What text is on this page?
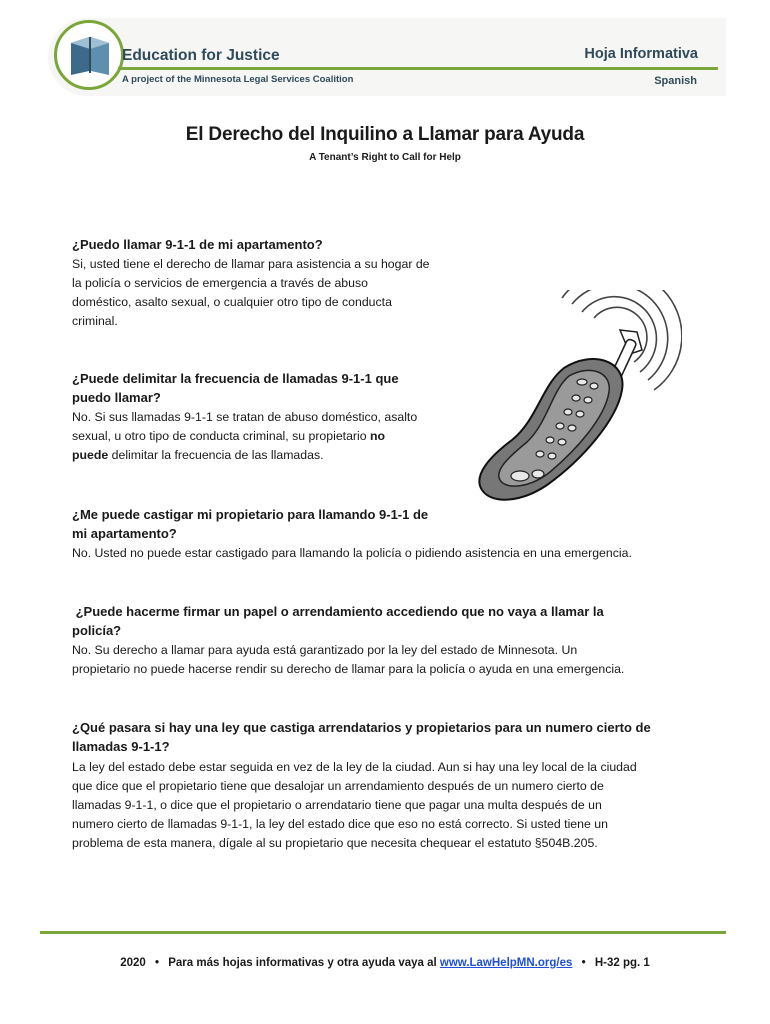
Education for Justice
A project of the Minnesota Legal Services Coalition
Hoja Informativa
Spanish
El Derecho del Inquilino a Llamar para Ayuda
A Tenant’s Right to Call for Help
¿Puedo llamar 9-1-1 de mi apartamento?
Si, usted tiene el derecho de llamar para asistencia a su hogar de
la policía o servicios de emergencia a través de abuso
doméstico, asalto sexual, o cualquier otro tipo de conducta
criminal.
¿Puede delimitar la frecuencia de llamadas 9-1-1 que
puedo llamar?
No. Si sus llamadas 9-1-1 se tratan de abuso doméstico, asalto
sexual, u otro tipo de conducta criminal, su propietario no
puede delimitar la frecuencia de las llamadas.
¿Me puede castigar mi propietario para llamando 9-1-1 de
mi apartamento?
No. Usted no puede estar castigado para llamando la policía o pidiendo asistencia en una emergencia.
¿Puede hacerme firmar un papel o arrendamiento accediendo que no vaya a llamar la
policía?
No. Su derecho a llamar para ayuda está garantizado por la ley del estado de Minnesota. Un
propietario no puede hacerse rendir su derecho de llamar para la policía o ayuda en una emergencia.
¿Qué pasara si hay una ley que castiga arrendatarios y propietarios para un numero cierto de
llamadas 9-1-1?
La ley del estado debe estar seguida en vez de la ley de la ciudad. Aun si hay una ley local de la ciudad
que dice que el propietario tiene que desalojar un arrendamiento después de un numero cierto de
llamadas 9-1-1, o dice que el propietario o arrendatario tiene que pagar una multa después de un
numero cierto de llamadas 9-1-1, la ley del estado dice que eso no está correcto. Si usted tiene un
problema de esta manera, dígale al su propietario que necesita chequear el estatuto §504B.205.
2020 • Para más hojas informativas y otra ayuda vaya al www.LawHelpMN.org/es • H-32 pg. 1
